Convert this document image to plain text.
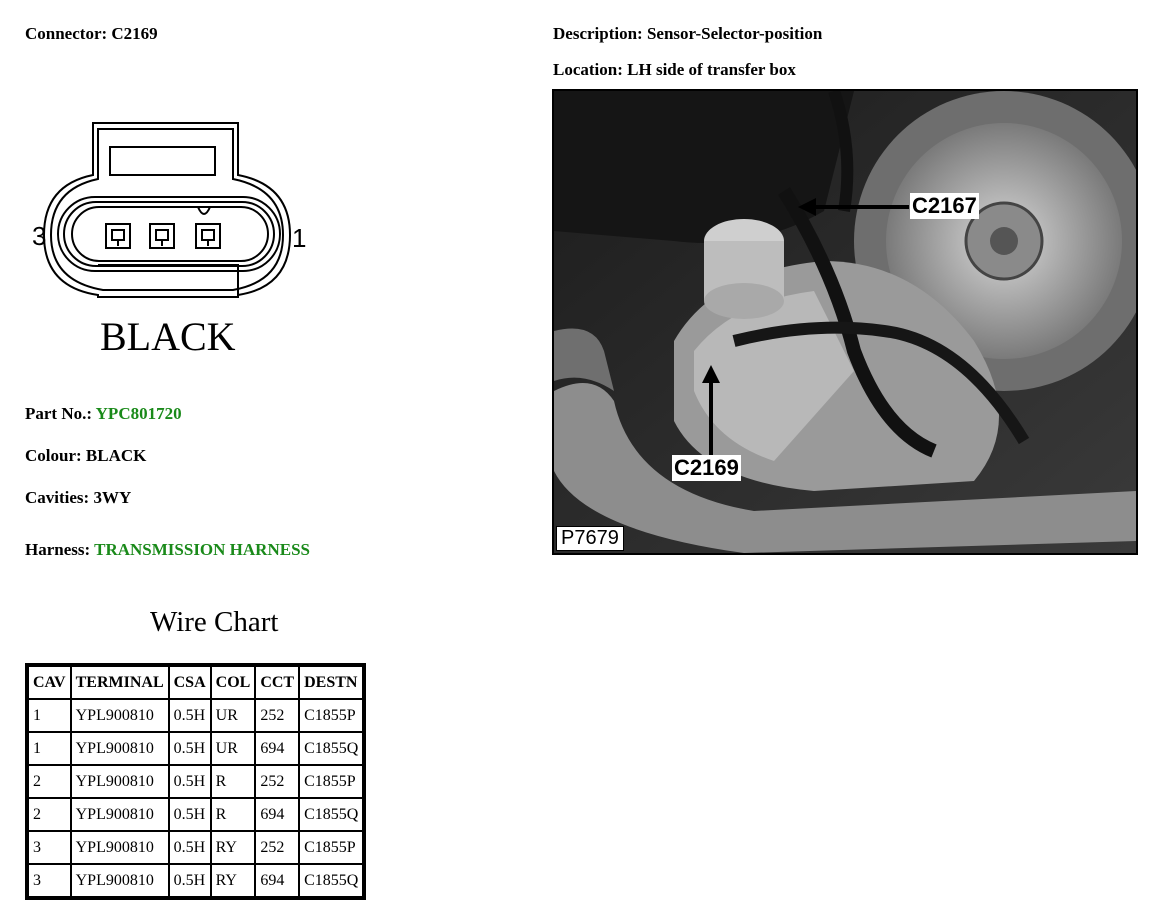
Connector: C2169	Description: Sensor-Selector-position
Location: LH side of transfer box
3	1
BLACK
Part No.: YPC801720
Colour: BLACK
Cavities: 3WY
Harness: TRANSMISSION HARNESS
Wire Chart
CAV	TERMINAL	CSA	COL	CCT	DESTN
1	YPL900810	0.5H	UR	252	C1855P
1	YPL900810	0.5H	UR	694	C1855Q
2	YPL900810	0.5H	R	252	C1855P
2	YPL900810	0.5H	R	694	C1855Q
3	YPL900810	0.5H	RY	252	C1855P
3	YPL900810	0.5H	RY	694	C1855Q
C2167
C2169
P7679
